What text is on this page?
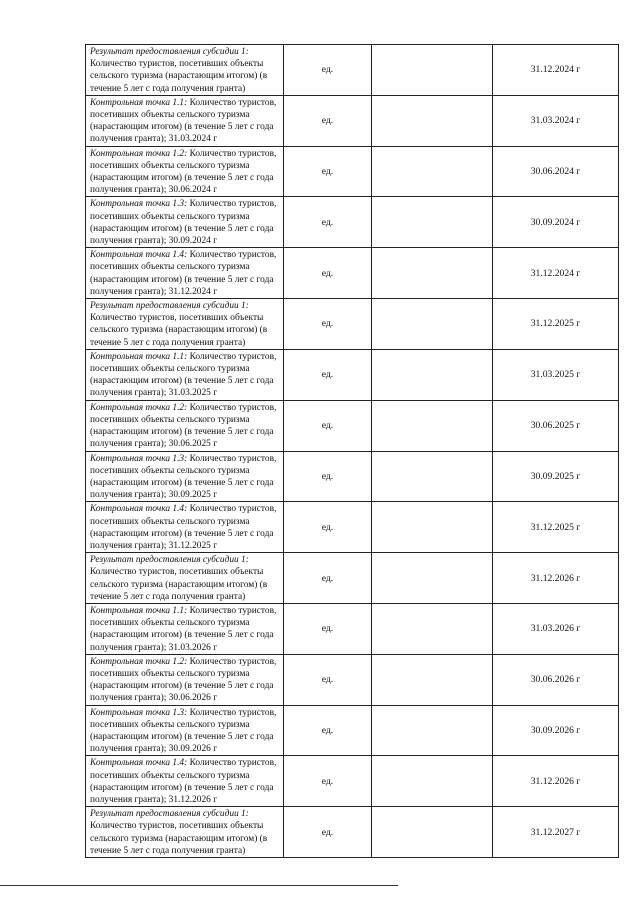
Результат предоставления субсидии 1:
Количество туристов, посетивших объекты сельского туризма (нарастающим итогом) (в течение 5 лет с года получения гранта)	ед.		31.12.2024 г
Контрольная точка 1.1: Количество туристов, посетивших объекты сельского туризма (нарастающим итогом) (в течение 5 лет с года получения гранта); 31.03.2024 г	ед.		31.03.2024 г
Контрольная точка 1.2: Количество туристов, посетивших объекты сельского туризма (нарастающим итогом) (в течение 5 лет с года получения гранта); 30.06.2024 г	ед.		30.06.2024 г
Контрольная точка 1.3: Количество туристов, посетивших объекты сельского туризма (нарастающим итогом) (в течение 5 лет с года получения гранта); 30.09.2024 г	ед.		30.09.2024 г
Контрольная точка 1.4: Количество туристов, посетивших объекты сельского туризма (нарастающим итогом) (в течение 5 лет с года получения гранта); 31.12.2024 г	ед.		31.12.2024 г
Результат предоставления субсидии 1:
Количество туристов, посетивших объекты сельского туризма (нарастающим итогом) (в течение 5 лет с года получения гранта)	ед.		31.12.2025 г
Контрольная точка 1.1: Количество туристов, посетивших объекты сельского туризма (нарастающим итогом) (в течение 5 лет с года получения гранта); 31.03.2025 г	ед.		31.03.2025 г
Контрольная точка 1.2: Количество туристов, посетивших объекты сельского туризма (нарастающим итогом) (в течение 5 лет с года получения гранта); 30.06.2025 г	ед.		30.06.2025 г
Контрольная точка 1.3: Количество туристов, посетивших объекты сельского туризма (нарастающим итогом) (в течение 5 лет с года получения гранта); 30.09.2025 г	ед.		30.09.2025 г
Контрольная точка 1.4: Количество туристов, посетивших объекты сельского туризма (нарастающим итогом) (в течение 5 лет с года получения гранта); 31.12.2025 г	ед.		31.12.2025 г
Результат предоставления субсидии 1:
Количество туристов, посетивших объекты сельского туризма (нарастающим итогом) (в течение 5 лет с года получения гранта)	ед.		31.12.2026 г
Контрольная точка 1.1: Количество туристов, посетивших объекты сельского туризма (нарастающим итогом) (в течение 5 лет с года получения гранта); 31.03.2026 г	ед.		31.03.2026 г
Контрольная точка 1.2: Количество туристов, посетивших объекты сельского туризма (нарастающим итогом) (в течение 5 лет с года получения гранта); 30.06.2026 г	ед.		30.06.2026 г
Контрольная точка 1.3: Количество туристов, посетивших объекты сельского туризма (нарастающим итогом) (в течение 5 лет с года получения гранта); 30.09.2026 г	ед.		30.09.2026 г
Контрольная точка 1.4: Количество туристов, посетивших объекты сельского туризма (нарастающим итогом) (в течение 5 лет с года получения гранта); 31.12.2026 г	ед.		31.12.2026 г
Результат предоставления субсидии 1:
Количество туристов, посетивших объекты сельского туризма (нарастающим итогом) (в течение 5 лет с года получения гранта)	ед.		31.12.2027 г
